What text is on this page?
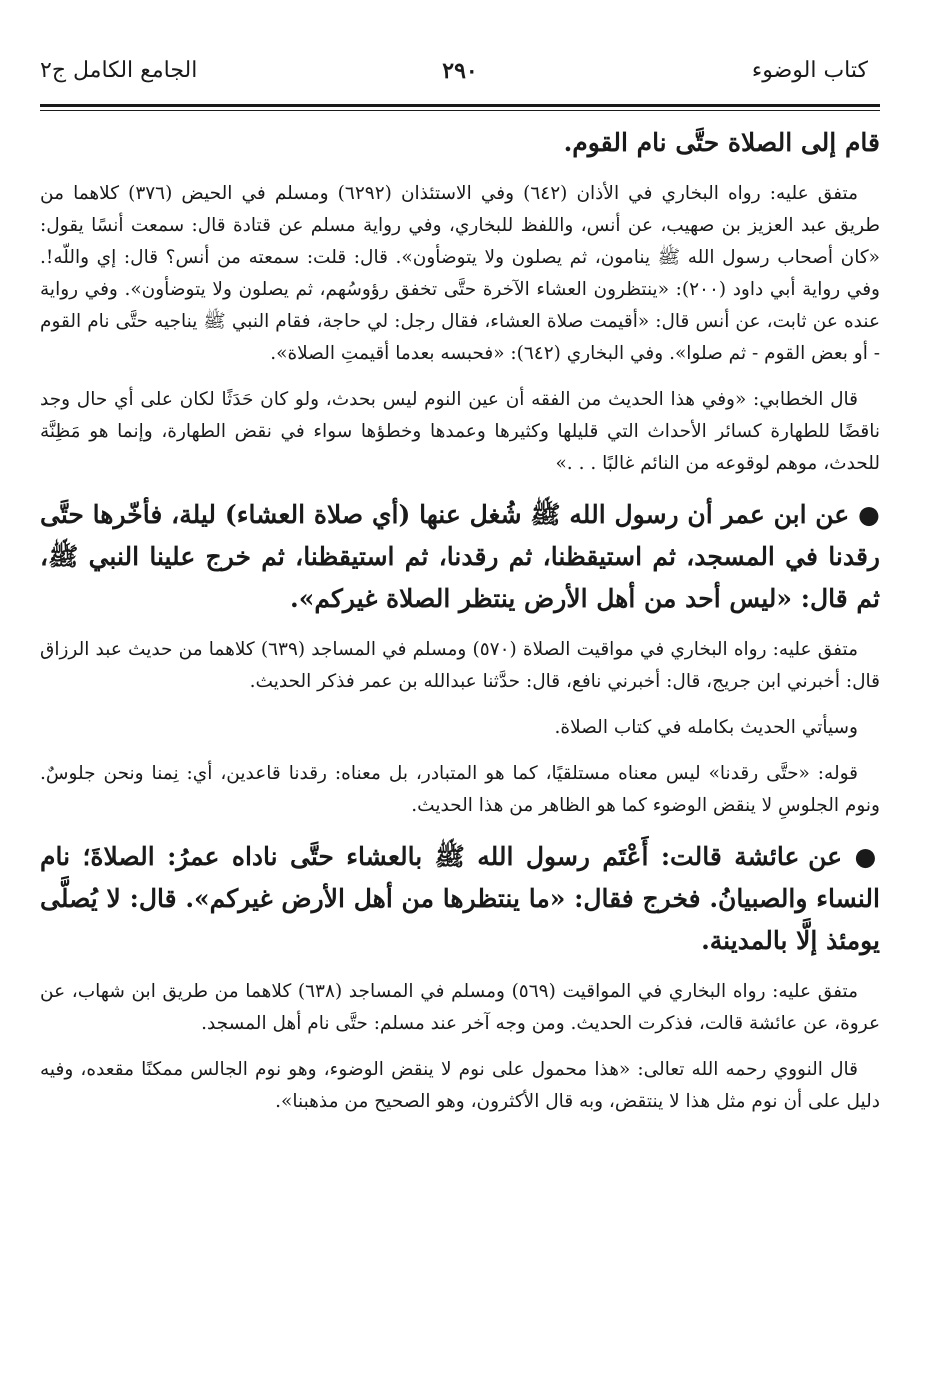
كتاب الوضوء
٢٩٠
الجامع الكامل ج٢

قام إلى الصلاة حتَّى نام القوم.

متفق عليه: رواه البخاري في الأذان (٦٤٢) وفي الاستئذان (٦٢٩٢) ومسلم في الحيض (٣٧٦) كلاهما من طريق عبد العزيز بن صهيب، عن أنس، واللفظ للبخاري، وفي رواية مسلم عن قتادة قال: سمعت أنسًا يقول: «كان أصحاب رسول الله ﷺ ينامون، ثم يصلون ولا يتوضأون». قال: قلت: سمعته من أنس؟ قال: إي واللّه!. وفي رواية أبي داود (٢٠٠): «ينتظرون العشاء الآخرة حتَّى تخفق رؤوسُهم، ثم يصلون ولا يتوضأون». وفي رواية عنده عن ثابت، عن أنس قال: «أقيمت صلاة العشاء، فقال رجل: لي حاجة، فقام النبي ﷺ يناجيه حتَّى نام القوم - أو بعض القوم - ثم صلوا». وفي البخاري (٦٤٢): «فحبسه بعدما أقيمتِ الصلاة».

قال الخطابي: «وفي هذا الحديث من الفقه أن عين النوم ليس بحدث، ولو كان حَدَثًا لكان على أي حال وجد ناقضًا للطهارة كسائر الأحداث التي قليلها وكثيرها وعمدها وخطؤها سواء في نقض الطهارة، وإنما هو مَظِنَّة للحدث، موهم لوقوعه من النائم غالبًا . . .»

● عن ابن عمر أن رسول الله ﷺ شُغل عنها (أي صلاة العشاء) ليلة، فأخّرها حتَّى رقدنا في المسجد، ثم استيقظنا، ثم رقدنا، ثم استيقظنا، ثم خرج علينا النبي ﷺ، ثم قال: «ليس أحد من أهل الأرض ينتظر الصلاة غيركم».

متفق عليه: رواه البخاري في مواقيت الصلاة (٥٧٠) ومسلم في المساجد (٦٣٩) كلاهما من حديث عبد الرزاق قال: أخبرني ابن جريج، قال: أخبرني نافع، قال: حدَّثنا عبدالله بن عمر فذكر الحديث.

وسيأتي الحديث بكامله في كتاب الصلاة.

قوله: «حتَّى رقدنا» ليس معناه مستلقيًا، كما هو المتبادر، بل معناه: رقدنا قاعدين، أي: نِمنا ونحن جلوسٌ. ونوم الجلوسِ لا ينقض الوضوء كما هو الظاهر من هذا الحديث.

● عن عائشة قالت: أَعْتَم رسول الله ﷺ بالعشاء حتَّى ناداه عمرُ: الصلاةَ؛ نام النساء والصبيانُ. فخرج فقال: «ما ينتظرها من أهل الأرض غيركم». قال: لا يُصلَّى يومئذ إلَّا بالمدينة.

متفق عليه: رواه البخاري في المواقيت (٥٦٩) ومسلم في المساجد (٦٣٨) كلاهما من طريق ابن شهاب، عن عروة، عن عائشة قالت، فذكرت الحديث. ومن وجه آخر عند مسلم: حتَّى نام أهل المسجد.

قال النووي رحمه الله تعالى: «هذا محمول على نوم لا ينقض الوضوء، وهو نوم الجالس ممكنًا مقعده، وفيه دليل على أن نوم مثل هذا لا ينتقض، وبه قال الأكثرون، وهو الصحيح من مذهبنا».
